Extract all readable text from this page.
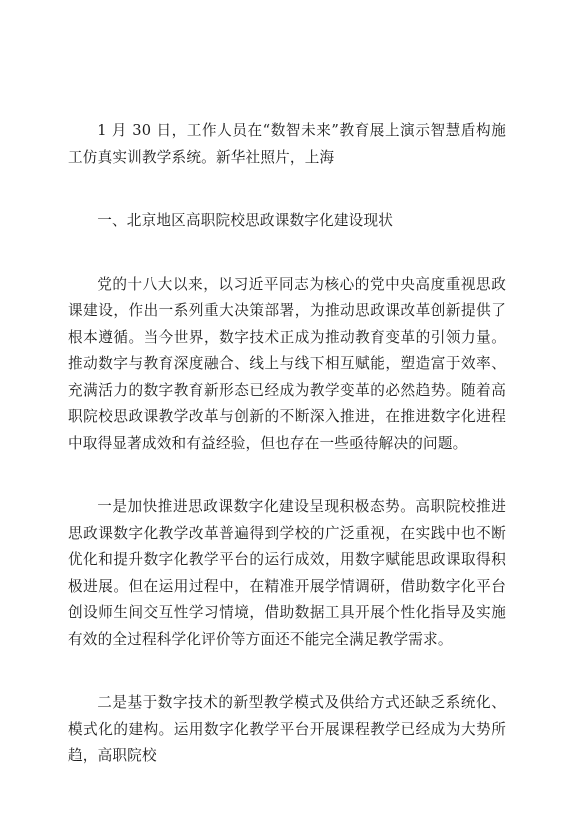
1 月 30 日，工作人员在“数智未来”教育展上演示智慧盾构施工仿真实训教学系统。新华社照片，上海

一、北京地区高职院校思政课数字化建设现状

党的十八大以来，以习近平同志为核心的党中央高度重视思政课建设，作出一系列重大决策部署，为推动思政课改革创新提供了根本遵循。当今世界，数字技术正成为推动教育变革的引领力量。推动数字与教育深度融合、线上与线下相互赋能，塑造富于效率、充满活力的数字教育新形态已经成为教学变革的必然趋势。随着高职院校思政课教学改革与创新的不断深入推进，在推进数字化进程中取得显著成效和有益经验，但也存在一些亟待解决的问题。

一是加快推进思政课数字化建设呈现积极态势。高职院校推进思政课数字化教学改革普遍得到学校的广泛重视，在实践中也不断优化和提升数字化教学平台的运行成效，用数字赋能思政课取得积极进展。但在运用过程中，在精准开展学情调研，借助数字化平台创设师生间交互性学习情境，借助数据工具开展个性化指导及实施有效的全过程科学化评价等方面还不能完全满足教学需求。

二是基于数字技术的新型教学模式及供给方式还缺乏系统化、模式化的建构。运用数字化教学平台开展课程教学已经成为大势所趋，高职院校
